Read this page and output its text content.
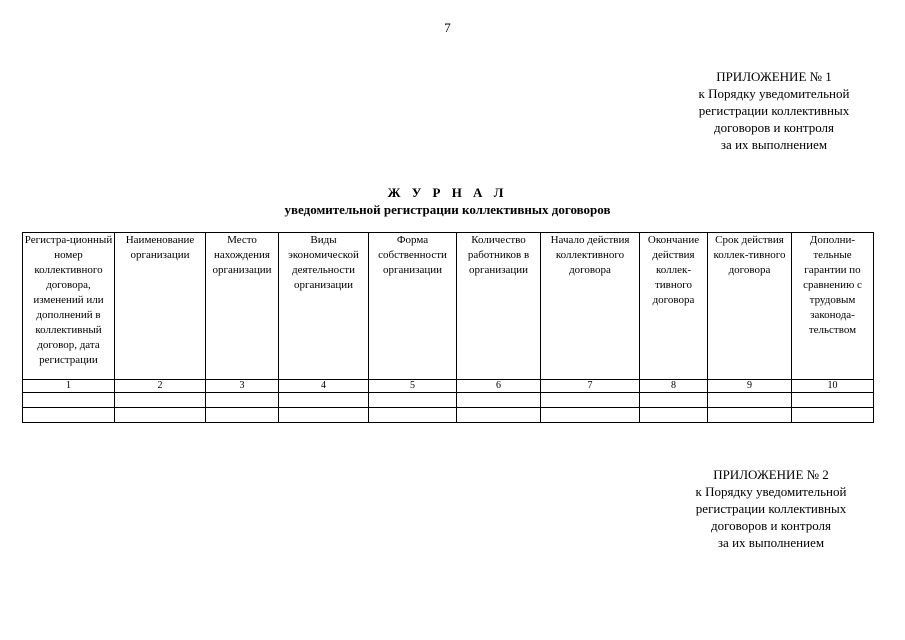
7
ПРИЛОЖЕНИЕ № 1
к Порядку уведомительной
регистрации коллективных
договоров и контроля
за их выполнением
Ж У Р Н А Л
уведомительной регистрации коллективных договоров
Регистра-ционный номер коллективного договора, изменений или дополнений в коллективный договор, дата регистрации	Наименование организации	Место нахождения организации	Виды экономической деятельности организации	Форма собственности организации	Количество работников в организации	Начало действия коллективного договора	Окончание действия коллек-тивного договора	Срок действия коллек-тивного договора	Дополни-тельные гарантии по сравнению с трудовым законода-тельством
1	2	3	4	5	6	7	8	9	10

ПРИЛОЖЕНИЕ № 2
к Порядку уведомительной
регистрации коллективных
договоров и контроля
за их выполнением
